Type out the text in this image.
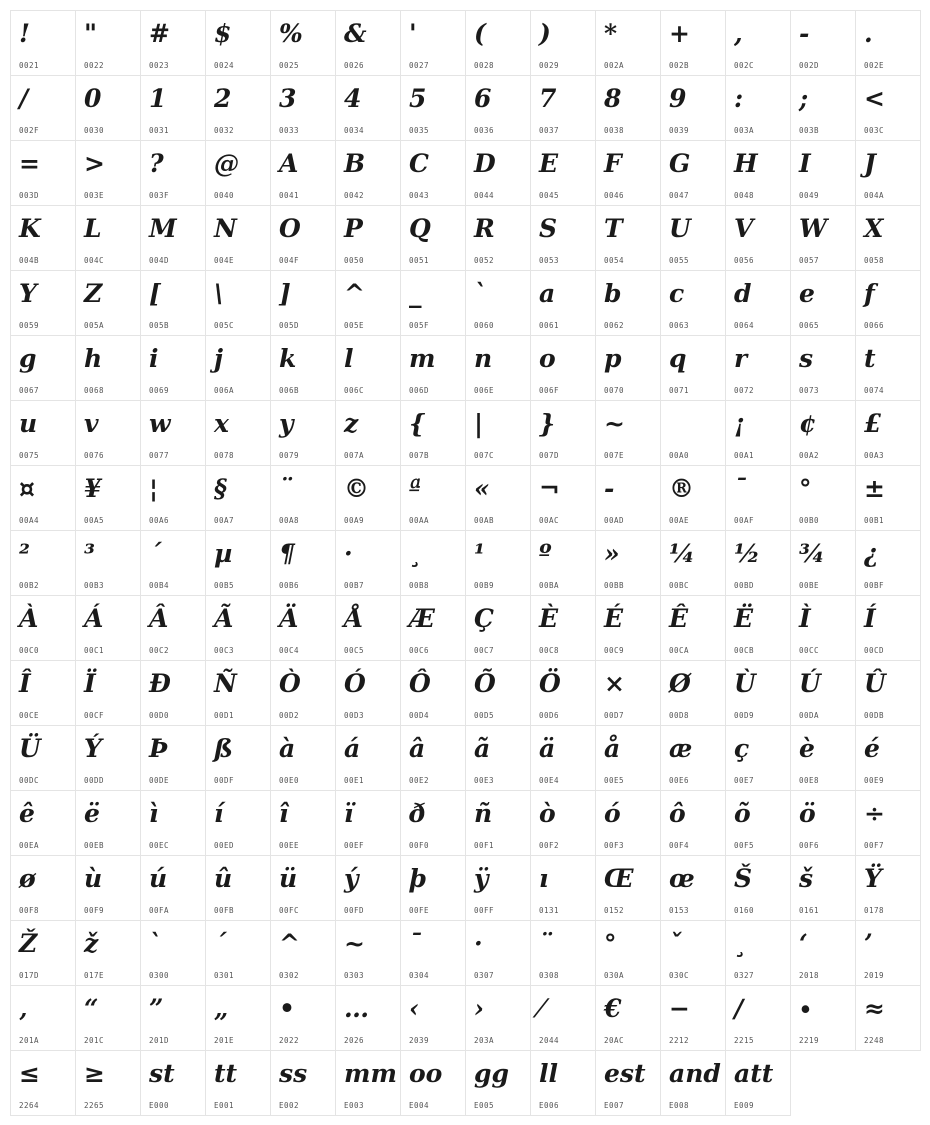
!
0021
"
0022
#
0023
$
0024
%
0025
&
0026
'
0027
(
0028
)
0029
*
002A
+
002B
,
002C
-
002D
.
002E
/
002F
0
0030
1
0031
2
0032
3
0033
4
0034
5
0035
6
0036
7
0037
8
0038
9
0039
:
003A
;
003B
<
003C
=
003D
>
003E
?
003F
@
0040
A
0041
B
0042
C
0043
D
0044
E
0045
F
0046
G
0047
H
0048
I
0049
J
004A
K
004B
L
004C
M
004D
N
004E
O
004F
P
0050
Q
0051
R
0052
S
0053
T
0054
U
0055
V
0056
W
0057
X
0058
Y
0059
Z
005A
[
005B
\
005C
]
005D
^
005E
_
005F
`
0060
a
0061
b
0062
c
0063
d
0064
e
0065
f
0066
g
0067
h
0068
i
0069
j
006A
k
006B
l
006C
m
006D
n
006E
o
006F
p
0070
q
0071
r
0072
s
0073
t
0074
u
0075
v
0076
w
0077
x
0078
y
0079
z
007A
{
007B
|
007C
}
007D
~
007E	00A0
¡
00A1
¢
00A2
£
00A3
¤
00A4
¥
00A5
¦
00A6
§
00A7
¨
00A8
©
00A9
ª
00AA
«
00AB
¬
00AC
-
00AD
®
00AE
¯
00AF
°
00B0
±
00B1
²
00B2
³
00B3
´
00B4
µ
00B5
¶
00B6
·
00B7
¸
00B8
¹
00B9
º
00BA
»
00BB
¼
00BC
½
00BD
¾
00BE
¿
00BF
À
00C0
Á
00C1
Â
00C2
Ã
00C3
Ä
00C4
Å
00C5
Æ
00C6
Ç
00C7
È
00C8
É
00C9
Ê
00CA
Ë
00CB
Ì
00CC
Í
00CD
Î
00CE
Ï
00CF
Ð
00D0
Ñ
00D1
Ò
00D2
Ó
00D3
Ô
00D4
Õ
00D5
Ö
00D6
×
00D7
Ø
00D8
Ù
00D9
Ú
00DA
Û
00DB
Ü
00DC
Ý
00DD
Þ
00DE
ß
00DF
à
00E0
á
00E1
â
00E2
ã
00E3
ä
00E4
å
00E5
æ
00E6
ç
00E7
è
00E8
é
00E9
ê
00EA
ë
00EB
ì
00EC
í
00ED
î
00EE
ï
00EF
ð
00F0
ñ
00F1
ò
00F2
ó
00F3
ô
00F4
õ
00F5
ö
00F6
÷
00F7
ø
00F8
ù
00F9
ú
00FA
û
00FB
ü
00FC
ý
00FD
þ
00FE
ÿ
00FF
ı
0131
Œ
0152
œ
0153
Š
0160
š
0161
Ÿ
0178
Ž
017D
ž
017E
`
0300
´
0301
^
0302
~
0303
¯
0304
·
0307
¨
0308
°
030A
ˇ
030C
¸
0327
‘
2018
’
2019
‚
201A
“
201C
”
201D
„
201E
•
2022
…
2026
‹
2039
›
203A
⁄
2044
€
20AC
−
2212
∕
2215
∙
2219
≈
2248
≤
2264
≥
2265
st
E000
tt
E001
ss
E002
mm
E003
oo
E004
gg
E005
ll
E006
est
E007
and
E008
att
E009
